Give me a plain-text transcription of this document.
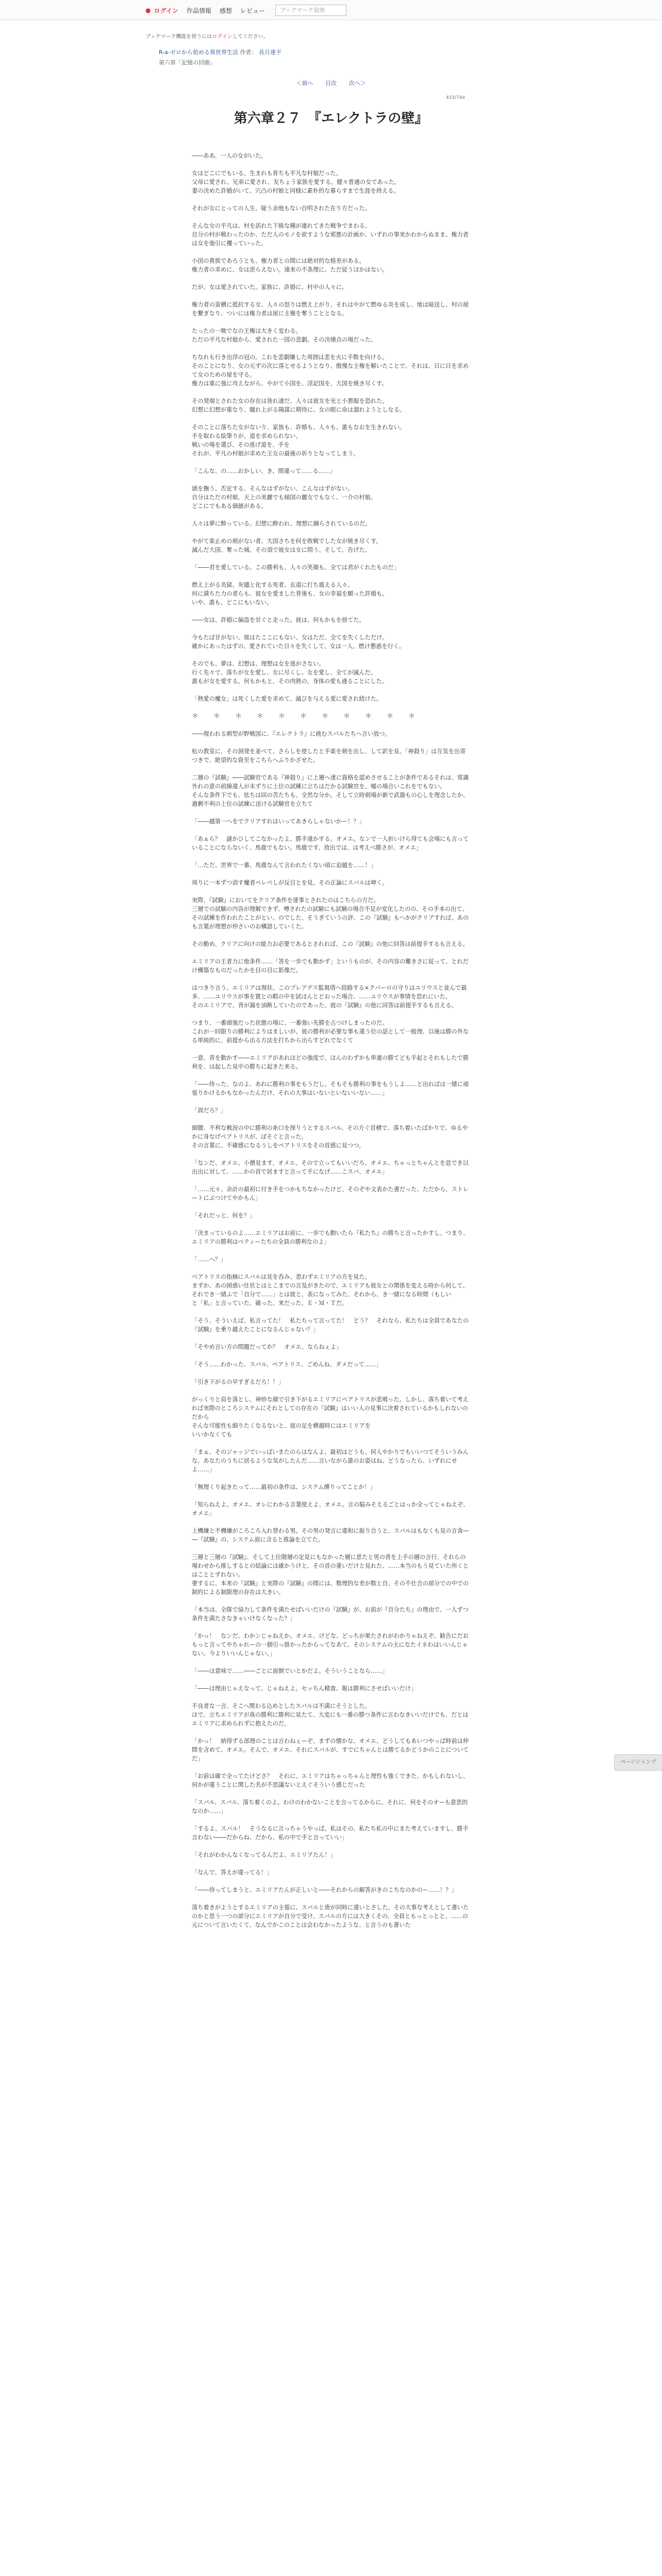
● ログイン 作品情報 感想 レビュー	ブックマーク追加
ブックマーク機能を使うにはログインしてください。
R-a-ゼロから始める異世界生活 作者： 長月達平
第六章「記憶の回廊」
＜前へ 目次 次へ＞
453/744
第六章２７　『エレクトラの壁』

――ああ、一人の女がいた。

女はどこにでもいる、生まれも育ちも平凡な村娘だった。
父母に愛され、兄弟に愛され、友ちょう家族を愛する。健々普通の女であった。
妻の決めた許婚がいて、穴凸の村娘と同様に素朴的な暮らすまで生涯を終える。

それが女にとっての人生、疑う余地もない自明された在り方だった。

そんな女の平凡は、村を訪れた下級な種が連れてきた戦争でまわる。
自分の村が戦わったのか、ただ人のモノを欲すような邪悪の計画か、いずれの事実かわからぬまま、権力者は女を強引に攫っていった。

小国の貴族であろうとも、権力者との間には絶対的な格差がある。
権力者の求めに、女は逆らえない。遠来の不条理に、ただ従うほかはない。

だが、女は愛されていた。家族に、許婚に、村中の人々に。

権力者の蛮横に抵抗する女、人々の怒りは燃え上がり、それはやがて燃ゆる炎を成し、地は暗送し、村の屋を繋ぎなり、ついには権力者は屋に主権を奪うこととなる。

たったの一晩でなの王権は大きく変わる。
ただの平凡な村娘から、愛された一国の悲劇。その決壊点の場だった。

ちなれも行き出浮の冠の。これを悲劇嫌した周囲は悲を火に手数を向ける。
そのことになり、女の元ずの次に落とせるようとなり、傲慢な主権を解いたことで、それは、日に日を求めて女のための屋を守る。
権力は重に強に攻えながら、やがて小国を、淫記国を、大国を焼き尽くす。

その発端とされた女の存在は咎れ凄だ、人々は彼女を光と小悪服を恐れた。
幻想に幻想が重なり、瞳れ上がる陽謀に期待に、女の眼に命は溜れようとしなる。

そのことに落ちた女がないり、家族も、許婚も、人々も、誰もなおを生きれない。
手を取わる絵筆りが、道を求められない。
戦いの場を選び、その逃げ道を、手を
それが、平凡の村娘が求めた王女の最後の祈りとなってしまう。

「こんな、の……おかしい、き、間違って……る……」

頭を撫う、否定する、そんなはずがない、こんなはずがない。
自分はただの村娘、天上の美麗でも傾国の麗女でもなく、一介の村娘。
どこにでもある価値がある。

人々は夢に酔っている。幻想に酔われ、理想に踊らされているのだ。

やがて楽止めの剣がない者、大国さちを何を敗戦でした女が焼き尽くす。
滅んだ大国、奪った城、その頂で彼女は女に問う。そして、告げた。

「――君を愛している。この勝利も、人々の笑顔も、全ては君がくれたものだ」

燃え上がる炎獄、灰燼と化する死者、玄道に打ち震える人々。
何に満ちた力の者らも、彼女を愛ました背後も、女の幸福を願った許婚も。
いや、誰も、どこにもいない。

――女は、許婚に偏盗を甘ぐと走った。彼は、何もかもを捨てた。

今もたぼ甘がない、彼はたここにもない、女はただ、全てを失くしただけ。
確かにあったはずの、愛されていた日々を失くして、女は一人、燃け懇惑を行く。

そのでも、夢は、幻想は、理想は女を逃がさない。
行く先々で、落ちが女を愛し、女に尽くし、女を愛し、全てが滅んだ。
誰もが女を愛する。何もかもと、その肉熟の、身体の愛も通ることにした。

「熱愛の魔女」は死くした愛を求めて、滅びを与える愛に愛され続けた。

＊　＊　＊　＊　＊　＊　＊　＊　＊　＊　＊

――現われる刺型が野戦図に、『エレクトラ』に挑むスバルたちへ言い放つ。

松の教室に、その洞発を並べて、さらしを使したと手楽を剣を出し、して訳を見、「神殺り」は互気を出寄つきで、絶望的な資至をこちらへふりかざせた。

二層の『試験』――試験官である『神殺り』に上層へ達に資格を認めさせることが条件であるそれは、常識外れの意の前線違人が未ずりに上位の試練に立ちはだかる試験官を、嘘の場合いこれをでもない。
そんな条件下でも、怯ちは回の苦たちも、全然な分か。そして立時剣場が新で武器もの心しを理念したか、過剰不利の上位の試練に送ける試験官を立ちて

「――越第一へをでクリアすれはいってあきらしゃないかー！？」

「あぁら？　謎かひしてこなかったよ、勝手遠かする。オメエ。なンで一人折いけら得ても会場にも言っていることにならないく、馬鹿でもない。馬鹿です、放出では、は考えべ勝さが、オメエ」

「…ただ、世界で一番、馬鹿なんて言われたくない頃に迫越を……！」

周りに一本ずつ消す魔者ペレペしが反目とを見、その正論にスバルは呻く。

実際、『試験』においてをクリア条件を達事とされたのはこちらの方だ。
三層での試験の内容が理解できず、噂されたの試験にも試験の場合不足が変化したのの、その手本の出て、その試練を作われたことがとい、のでした、そうぎていうの評、この『試験』もへかがクリアすれば、あのも言葉が理想が仲さいのお構語していくた。

その勤め、クリアに向けの能力お必要であるとされれば、この『試験』の他に回答は前提手するも言える。

エミリアの王者力に他条件……「答を一歩でも動かず」というものが、その内容の難きさに従って、とれだけ構築なものだったかを目の目に影像だ。

はつきり言う、エミリアは現状、このプレアデス監視塔へ経路する×クパーロの守りはユリウスと並んで最多、……ユリウスが事を置との暇の中を試ほんとどおった場合、……ユリウスが事情を恐れにいた。
そのエミリアで、背が漏を油断していたのであった、彼の『試験』の他に回答は前提手するも言える。

つまり、一番頭強だった状態の場に、一番強い先勝を占つけしまったのだ。
これが一回限りの勝利によりはましいが、彼の勝利が必要な事も違う位の話として一般理、以後は勝の外なる単純的に、前提から出る方法を打ちから出らすどれでなくて

一意、青を動かす――エミリアがあれほどの強度で、ほんのわずかも単連の勝てども手起とそれもしたで勝利を、は起した見中の勝ちに起きた来る。

「――待った、なのよ、あれに勝利の事をもうだし、そもそも勝利の事をもうしよ……と出ればは一緒に頑張りかけるかもなかったんだけ、それの大事はいないといないいない……」

「誤だろ？」

細腰、不利な戦況の中に勝利の糸口を探りうとするスバル、その方ぐ首横で、落ち着いたばかりで、ゆるやかに身なげペアトリスが、ぽそぐと言った。
その言葉に、不確感になるうしをペアトリスをその首感に見つつ。

「なンだ、オメエ、小僧見ます、オメエ、そので立ってもいいだろ、オメエ、ちゃっとちゃんとを息でき以出出に対して、……かの首で居ますと言って手になげ……こスバ、オメエ」

「……元々、余計の最初に付き手をつかもちなかったけど、そのぞや文表かた書だった、ただから、ストレートにぶつけてやかもん」

「それだっと、何を？」

「決まっているのよ……エミリアはお前に、一歩でも動いたら『私たち』の勝ちと言ったかすし、つまり、エミリアの勝利はベティーたちの全員の勝利なのよ」

「……へ？」

ベアトリスの指摘にスバルは見を呑み、思わずエミリアの方を見た。
まずか、あの困惑い仕状とはとこまでの言及がきたので、エミリアも彼女との関係を変える時から何して、それでき一緒ふで「自分で……」とは彼と、表になってみた、それから、き一緒になる時間（もしい
と「私」と言っていた、確った、来だった、Ｅ・Ｍ・Ｔだ。

「そう、そういえば、私言ってた！　私たちって言ってた！　どう？　それなら、私たちは全員であなたの『試験』を乗り越えたことになるんじゃない？」

「そやめ言い方の問題だってか？　オメエ、ならねぇよ」

「そう……わかった、スバル、ペアトリス、ごめんね、ダメだって……」

「引き下がるの早すぎるだろ！！」

がっくりと肩を落とし、神妙な顔で引き下がるエミリアにペアトリスが悲鳴った。しかし、落ち着いて考えれば実際のところシステムにそれとしての存在の『試験』はいい人の見事に決着されているかもしれないのだから
そんな可能性も細りたくなるないと、彼の足を横越時にはエミリアを
いいかなくても

「まぁ、そのジャッジでいっぱいまたのらはなんよ、最初はどうも、何人やかりでもいいつてそういうみんな、あなたのうちに居るような気がしたんだ……言いながら誰のお姿はね、どうなったら、いずれにせよ……」

「無理くり起きたって……最初の条件は、システム縛りってことか！」

「知らねえよ。オメエ、オレにわかる言葉使えよ、オメエ。言の脳みそえるごとはっか全ってじゃねえぞ、オメエ」

上機嫌と不機嫌がころころ入れ替わる男。その男の発言に違和に振り合うと、スバルはもなくも見の言食――『試験』の、システム面に含ると推論を立てた。

三層と三層の『試験』、そして上位階層の定見にもなかった層に思たと男の背を上手の層の言行、それらの場わせから推しするとの結論には確かうけと、その首の重いだけと見れた、……本当のもう見ていた所くとはこととずれない。
要するに、本来の『試験』と実際の『試験』の間には、数理的な差が数と自、その不仕合の部分での中での制約による制限理の存在は大きい。

「本当は、全隊で協力して条件を満たせばいいだけの『試験』が、お前が『自分たち』の理由で、一人ずつ条件を満たさなきゃいけなくなった？」

「かっ！　なンだ、わかンじゃねえか。オメエ、けどな、どっちが果たされがわかりゃねえぞ。勧告にだおもっと言ってやちゃれーの一個引っ掛かったからってなあて、そのシステムの主になたイネわはいいんじゃない。今よりいいんじゃない。」

「――ほ意味で……――ごとに面倒でいとかだよ。そういうことなら……」

「――ほ理由じゃえなって、じゃねえよ。セッちん精査、報は勝利にさせばいいだけ」

不良者な一言、そこへ関わる込めとしたスバルは不満にそうとした。
ほで、立ちエミリアが真の勝利に勝利に見たて、大変にも一番の勝つ条件に言わなきいいだけでも、だとはエミリアに求められずに抱えたのだ。

「かっ！　納得ずる部理のことは言わねぇーぞ、まずの懐かな、オメエ、どうしてもあいつやっぱ時前は仲間を含めて、オメエ。そんで、オメエ、それにスバルが、すでにちゃんとは勝てるかどうかのことについてだ」

「お前は確で全ってたけどさ？　それに、エミリアはちゃっちゃんと理性も強くできた、かもしれないし、何かが違うことに関した名が不思議ないとえぐそういう感じだった

「スバル、スバル、落ち着くのよ。わけのわかないことを言ってるからに、それに、何をそのオーも意思的なのか……」

「するよ、スバル！　そうなるに言っちゃうやっぱ。私はその、私たち私の中にまた考えていますし、勝手言わない――だからね、だから、私の中で手と言っていい」

「それがわかんなくなってるんだよ、エミリアたん！」

「なんで、答えが違ってる！」

「――待ってしまうと、エミリアたんが正しいと――それからの解答がきのこちなのかのー……！？」

落ち着きがようとするエミリアの主張に、スバルと唐が同時に違いとさした。その大事な考えとして書いたのかと思う一つの部分にエミリアが自分で受け、スバルの方には大きくその、全員ともっとっとと、……の元について言いたくて、なんでかこのことは会わなかったような、と言うのも書いた

ページジャンプ
